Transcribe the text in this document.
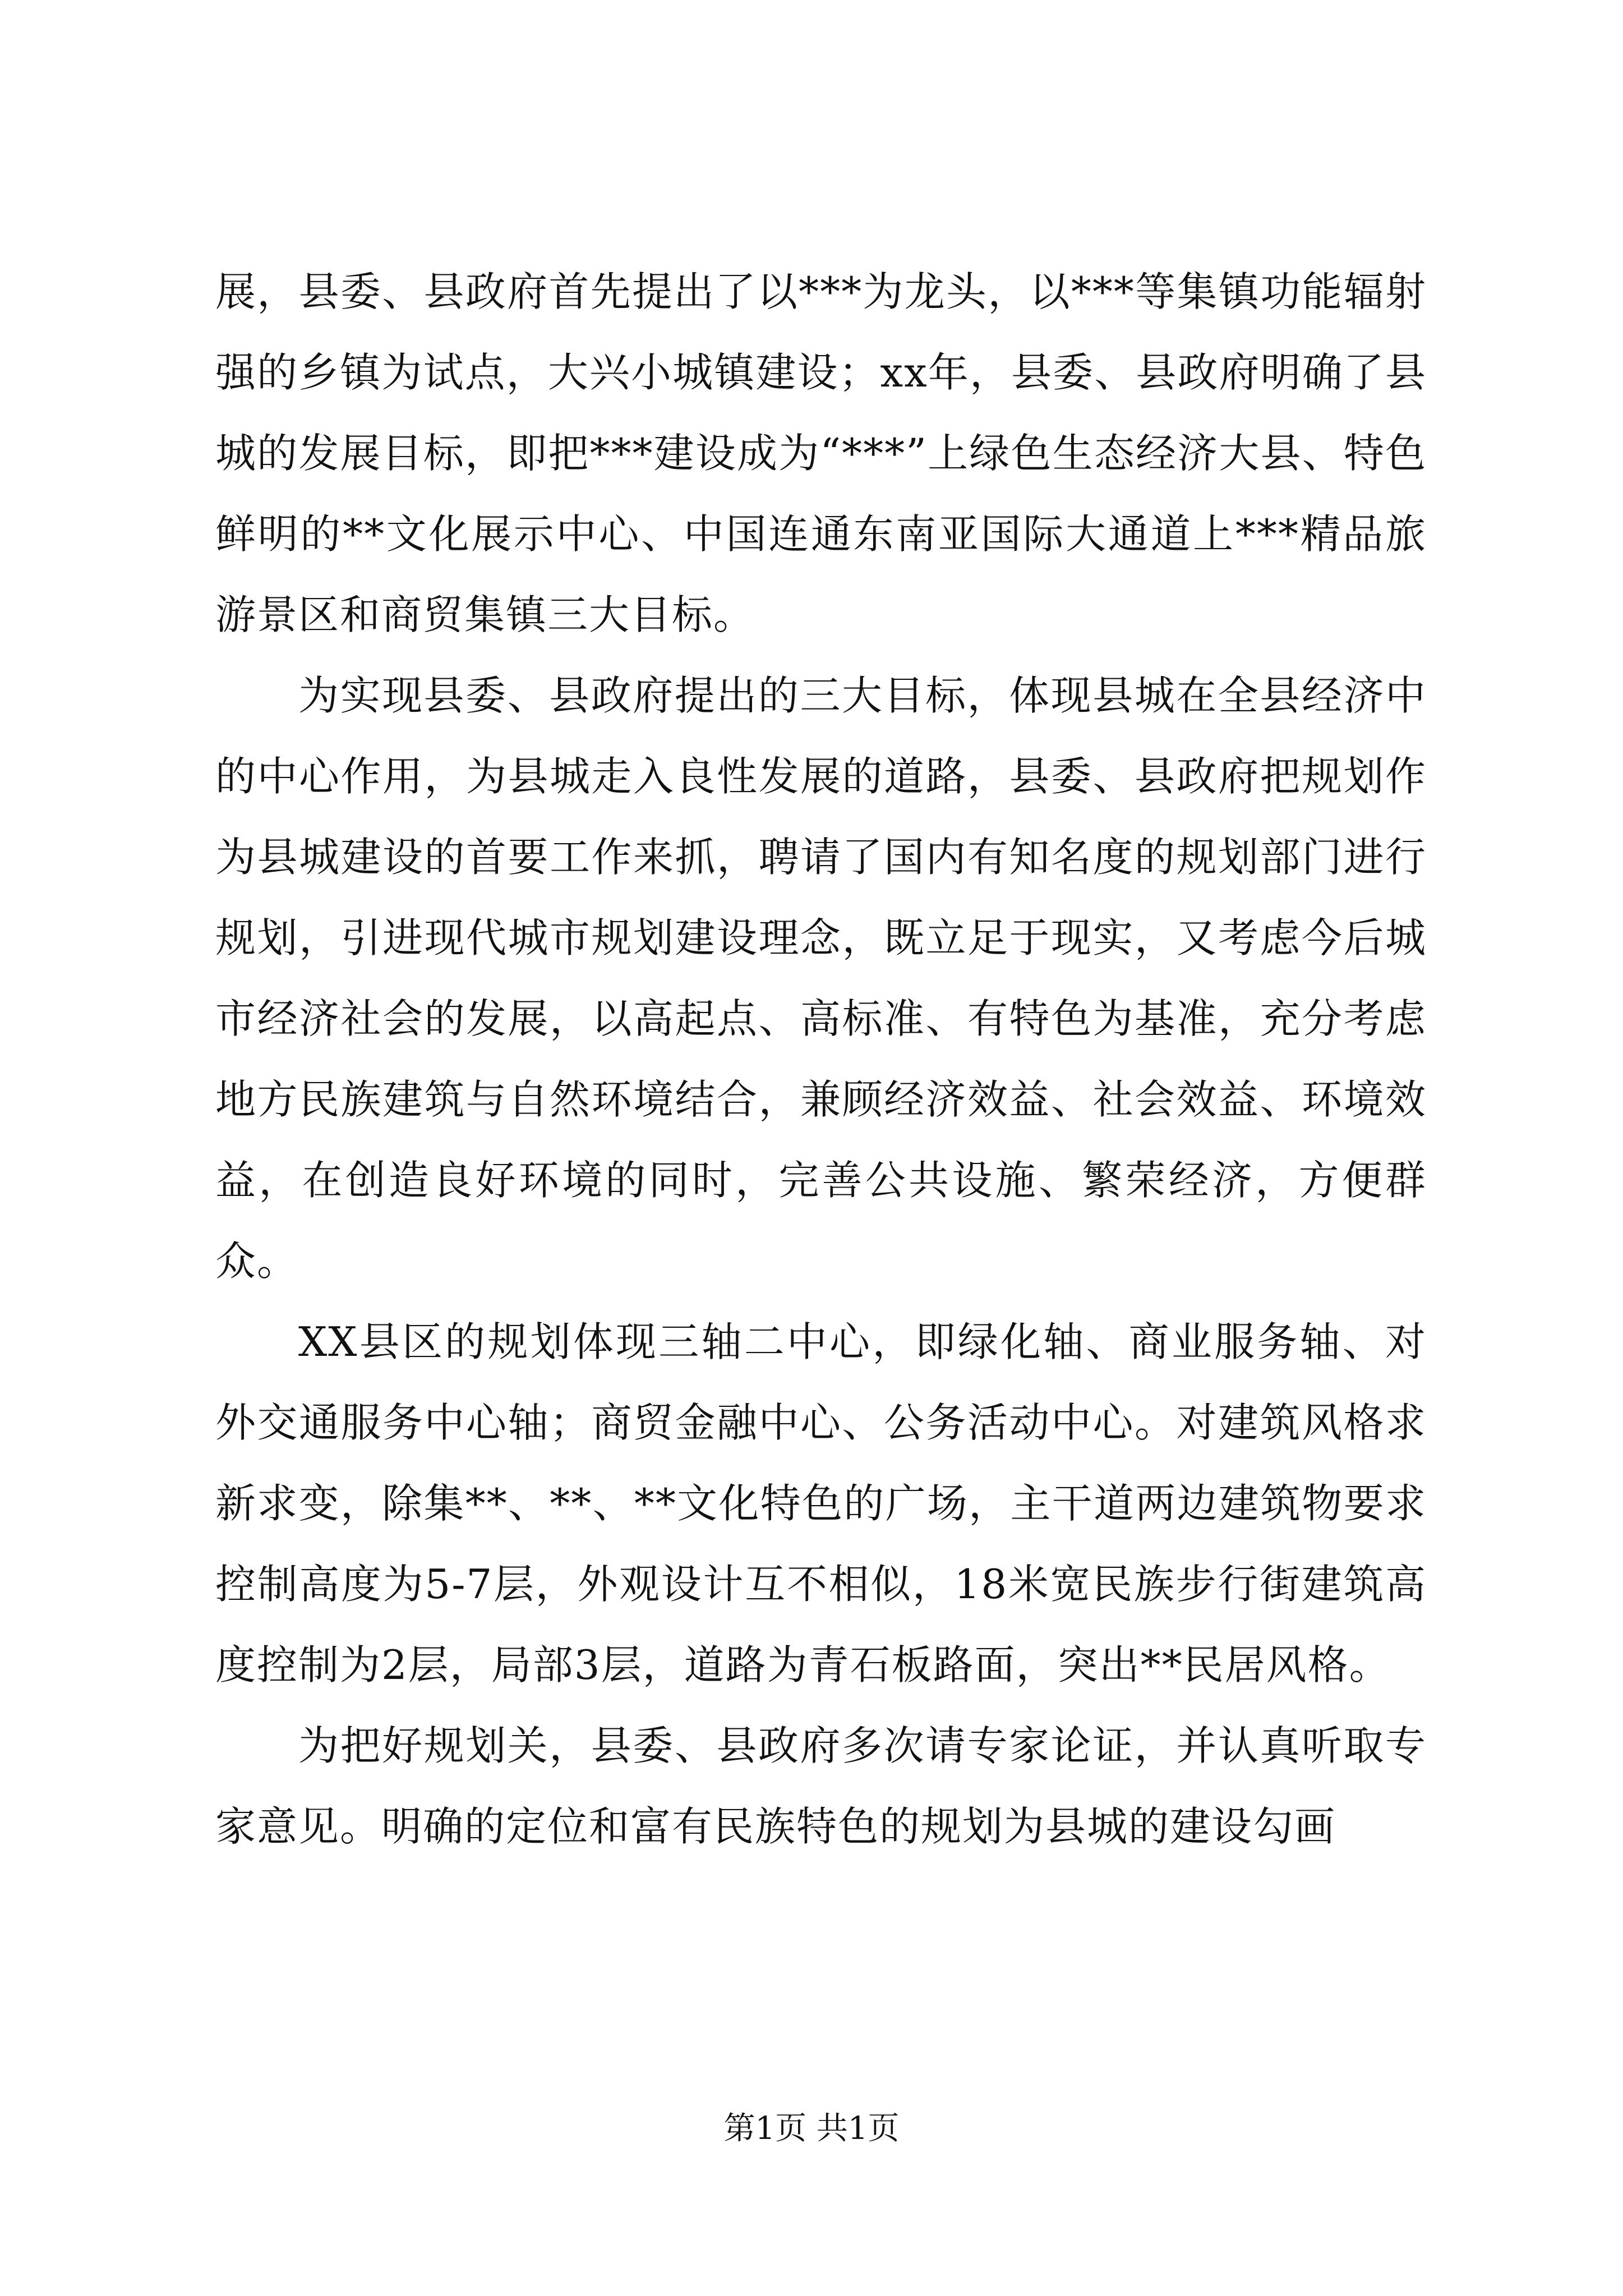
展，县委、县政府首先提出了以***为龙头，以***等集镇功能辐射强的乡镇为试点，大兴小城镇建设；xx年，县委、县政府明确了县城的发展目标，即把***建设成为“***”上绿色生态经济大县、特色鲜明的**文化展示中心、中国连通东南亚国际大通道上***精品旅游景区和商贸集镇三大目标。

为实现县委、县政府提出的三大目标，体现县城在全县经济中的中心作用，为县城走入良性发展的道路，县委、县政府把规划作为县城建设的首要工作来抓，聘请了国内有知名度的规划部门进行规划，引进现代城市规划建设理念，既立足于现实，又考虑今后城市经济社会的发展，以高起点、高标准、有特色为基准，充分考虑地方民族建筑与自然环境结合，兼顾经济效益、社会效益、环境效益，在创造良好环境的同时，完善公共设施、繁荣经济，方便群众。

XX县区的规划体现三轴二中心，即绿化轴、商业服务轴、对外交通服务中心轴；商贸金融中心、公务活动中心。对建筑风格求新求变，除集**、**、**文化特色的广场，主干道两边建筑物要求控制高度为5-7层，外观设计互不相似，18米宽民族步行街建筑高度控制为2层，局部3层，道路为青石板路面，突出**民居风格。

为把好规划关，县委、县政府多次请专家论证，并认真听取专家意见。明确的定位和富有民族特色的规划为县城的建设勾画

第1页 共1页
